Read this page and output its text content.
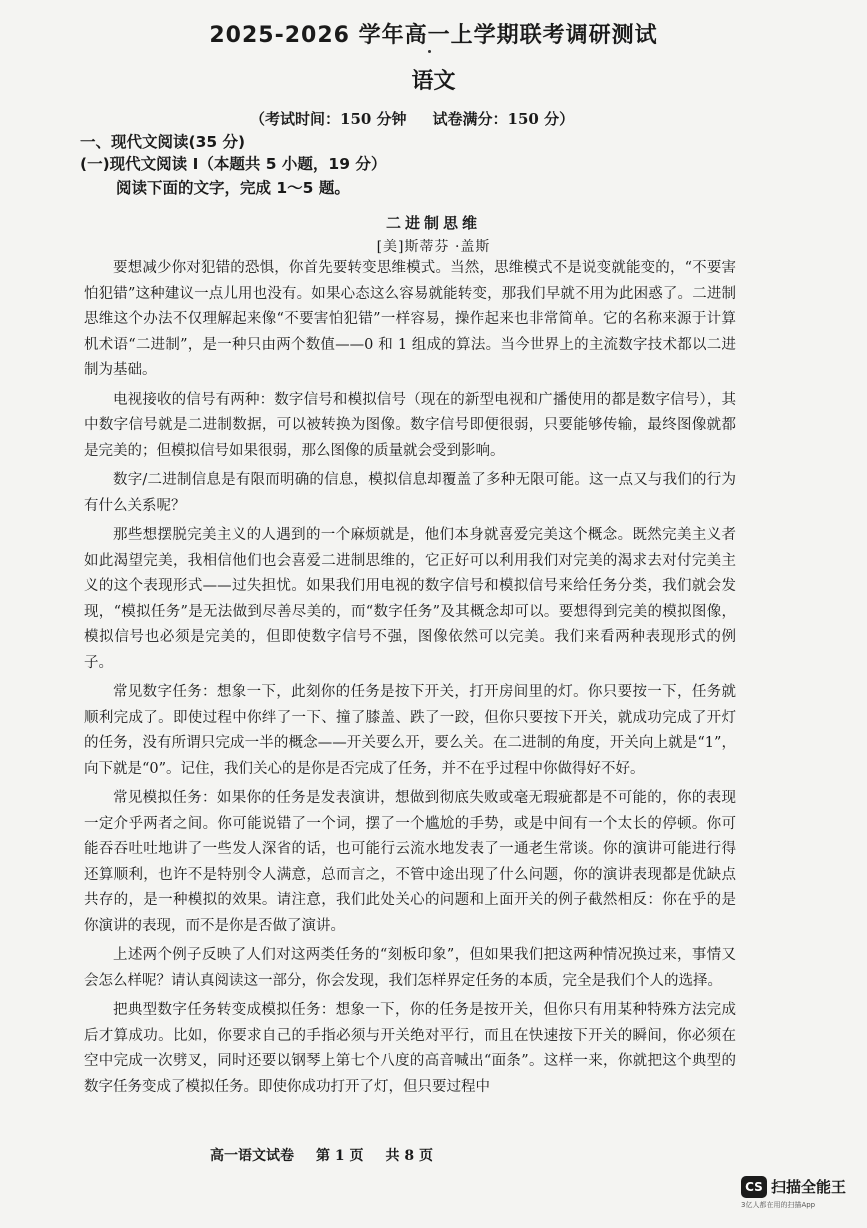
2025-2026 学年高一上学期联考调研测试
语文
（考试时间：150 分钟 试卷满分：150 分）
一、现代文阅读(35 分)
(一)现代文阅读 Ⅰ（本题共 5 小题，19 分）
阅读下面的文字，完成 1～5 题。
二进制思维
[美]斯蒂芬 ·盖斯

要想减少你对犯错的恐惧，你首先要转变思维模式。当然，思维模式不是说变就能变的，“不要害怕犯错”这种建议一点儿用也没有。如果心态这么容易就能转变，那我们早就不用为此困惑了。二进制思维这个办法不仅理解起来像“不要害怕犯错”一样容易，操作起来也非常简单。它的名称来源于计算机术语“二进制”，是一种只由两个数值——0 和 1 组成的算法。当今世界上的主流数字技术都以二进制为基础。

电视接收的信号有两种：数字信号和模拟信号（现在的新型电视和广播使用的都是数字信号），其中数字信号就是二进制数据，可以被转换为图像。数字信号即便很弱，只要能够传输，最终图像就都是完美的；但模拟信号如果很弱，那么图像的质量就会受到影响。

数字/二进制信息是有限而明确的信息，模拟信息却覆盖了多种无限可能。这一点又与我们的行为有什么关系呢？

那些想摆脱完美主义的人遇到的一个麻烦就是，他们本身就喜爱完美这个概念。既然完美主义者如此渴望完美，我相信他们也会喜爱二进制思维的，它正好可以利用我们对完美的渴求去对付完美主义的这个表现形式——过失担忧。如果我们用电视的数字信号和模拟信号来给任务分类，我们就会发现，“模拟任务”是无法做到尽善尽美的，而“数字任务”及其概念却可以。要想得到完美的模拟图像，模拟信号也必须是完美的，但即使数字信号不强，图像依然可以完美。我们来看两种表现形式的例子。

常见数字任务：想象一下，此刻你的任务是按下开关，打开房间里的灯。你只要按一下，任务就顺利完成了。即使过程中你绊了一下、撞了膝盖、跌了一跤，但你只要按下开关，就成功完成了开灯的任务，没有所谓只完成一半的概念——开关要么开，要么关。在二进制的角度，开关向上就是“1”，向下就是“0”。记住，我们关心的是你是否完成了任务，并不在乎过程中你做得好不好。

常见模拟任务：如果你的任务是发表演讲，想做到彻底失败或毫无瑕疵都是不可能的，你的表现一定介乎两者之间。你可能说错了一个词，摆了一个尴尬的手势，或是中间有一个太长的停顿。你可能吞吞吐吐地讲了一些发人深省的话，也可能行云流水地发表了一通老生常谈。你的演讲可能进行得还算顺利，也许不是特别令人满意，总而言之，不管中途出现了什么问题，你的演讲表现都是优缺点共存的，是一种模拟的效果。请注意，我们此处关心的问题和上面开关的例子截然相反：你在乎的是你演讲的表现，而不是你是否做了演讲。

上述两个例子反映了人们对这两类任务的“刻板印象”，但如果我们把这两种情况换过来，事情又会怎么样呢？请认真阅读这一部分，你会发现，我们怎样界定任务的本质，完全是我们个人的选择。

把典型数字任务转变成模拟任务：想象一下，你的任务是按开关，但你只有用某种特殊方法完成后才算成功。比如，你要求自己的手指必须与开关绝对平行，而且在快速按下开关的瞬间，你必须在空中完成一次劈叉，同时还要以钢琴上第七个八度的高音喊出“面条”。这样一来，你就把这个典型的数字任务变成了模拟任务。即使你成功打开了灯，但只要过程中

高一语文试卷 第 1 页 共 8 页
CS 扫描全能王
3亿人都在用的扫描App
